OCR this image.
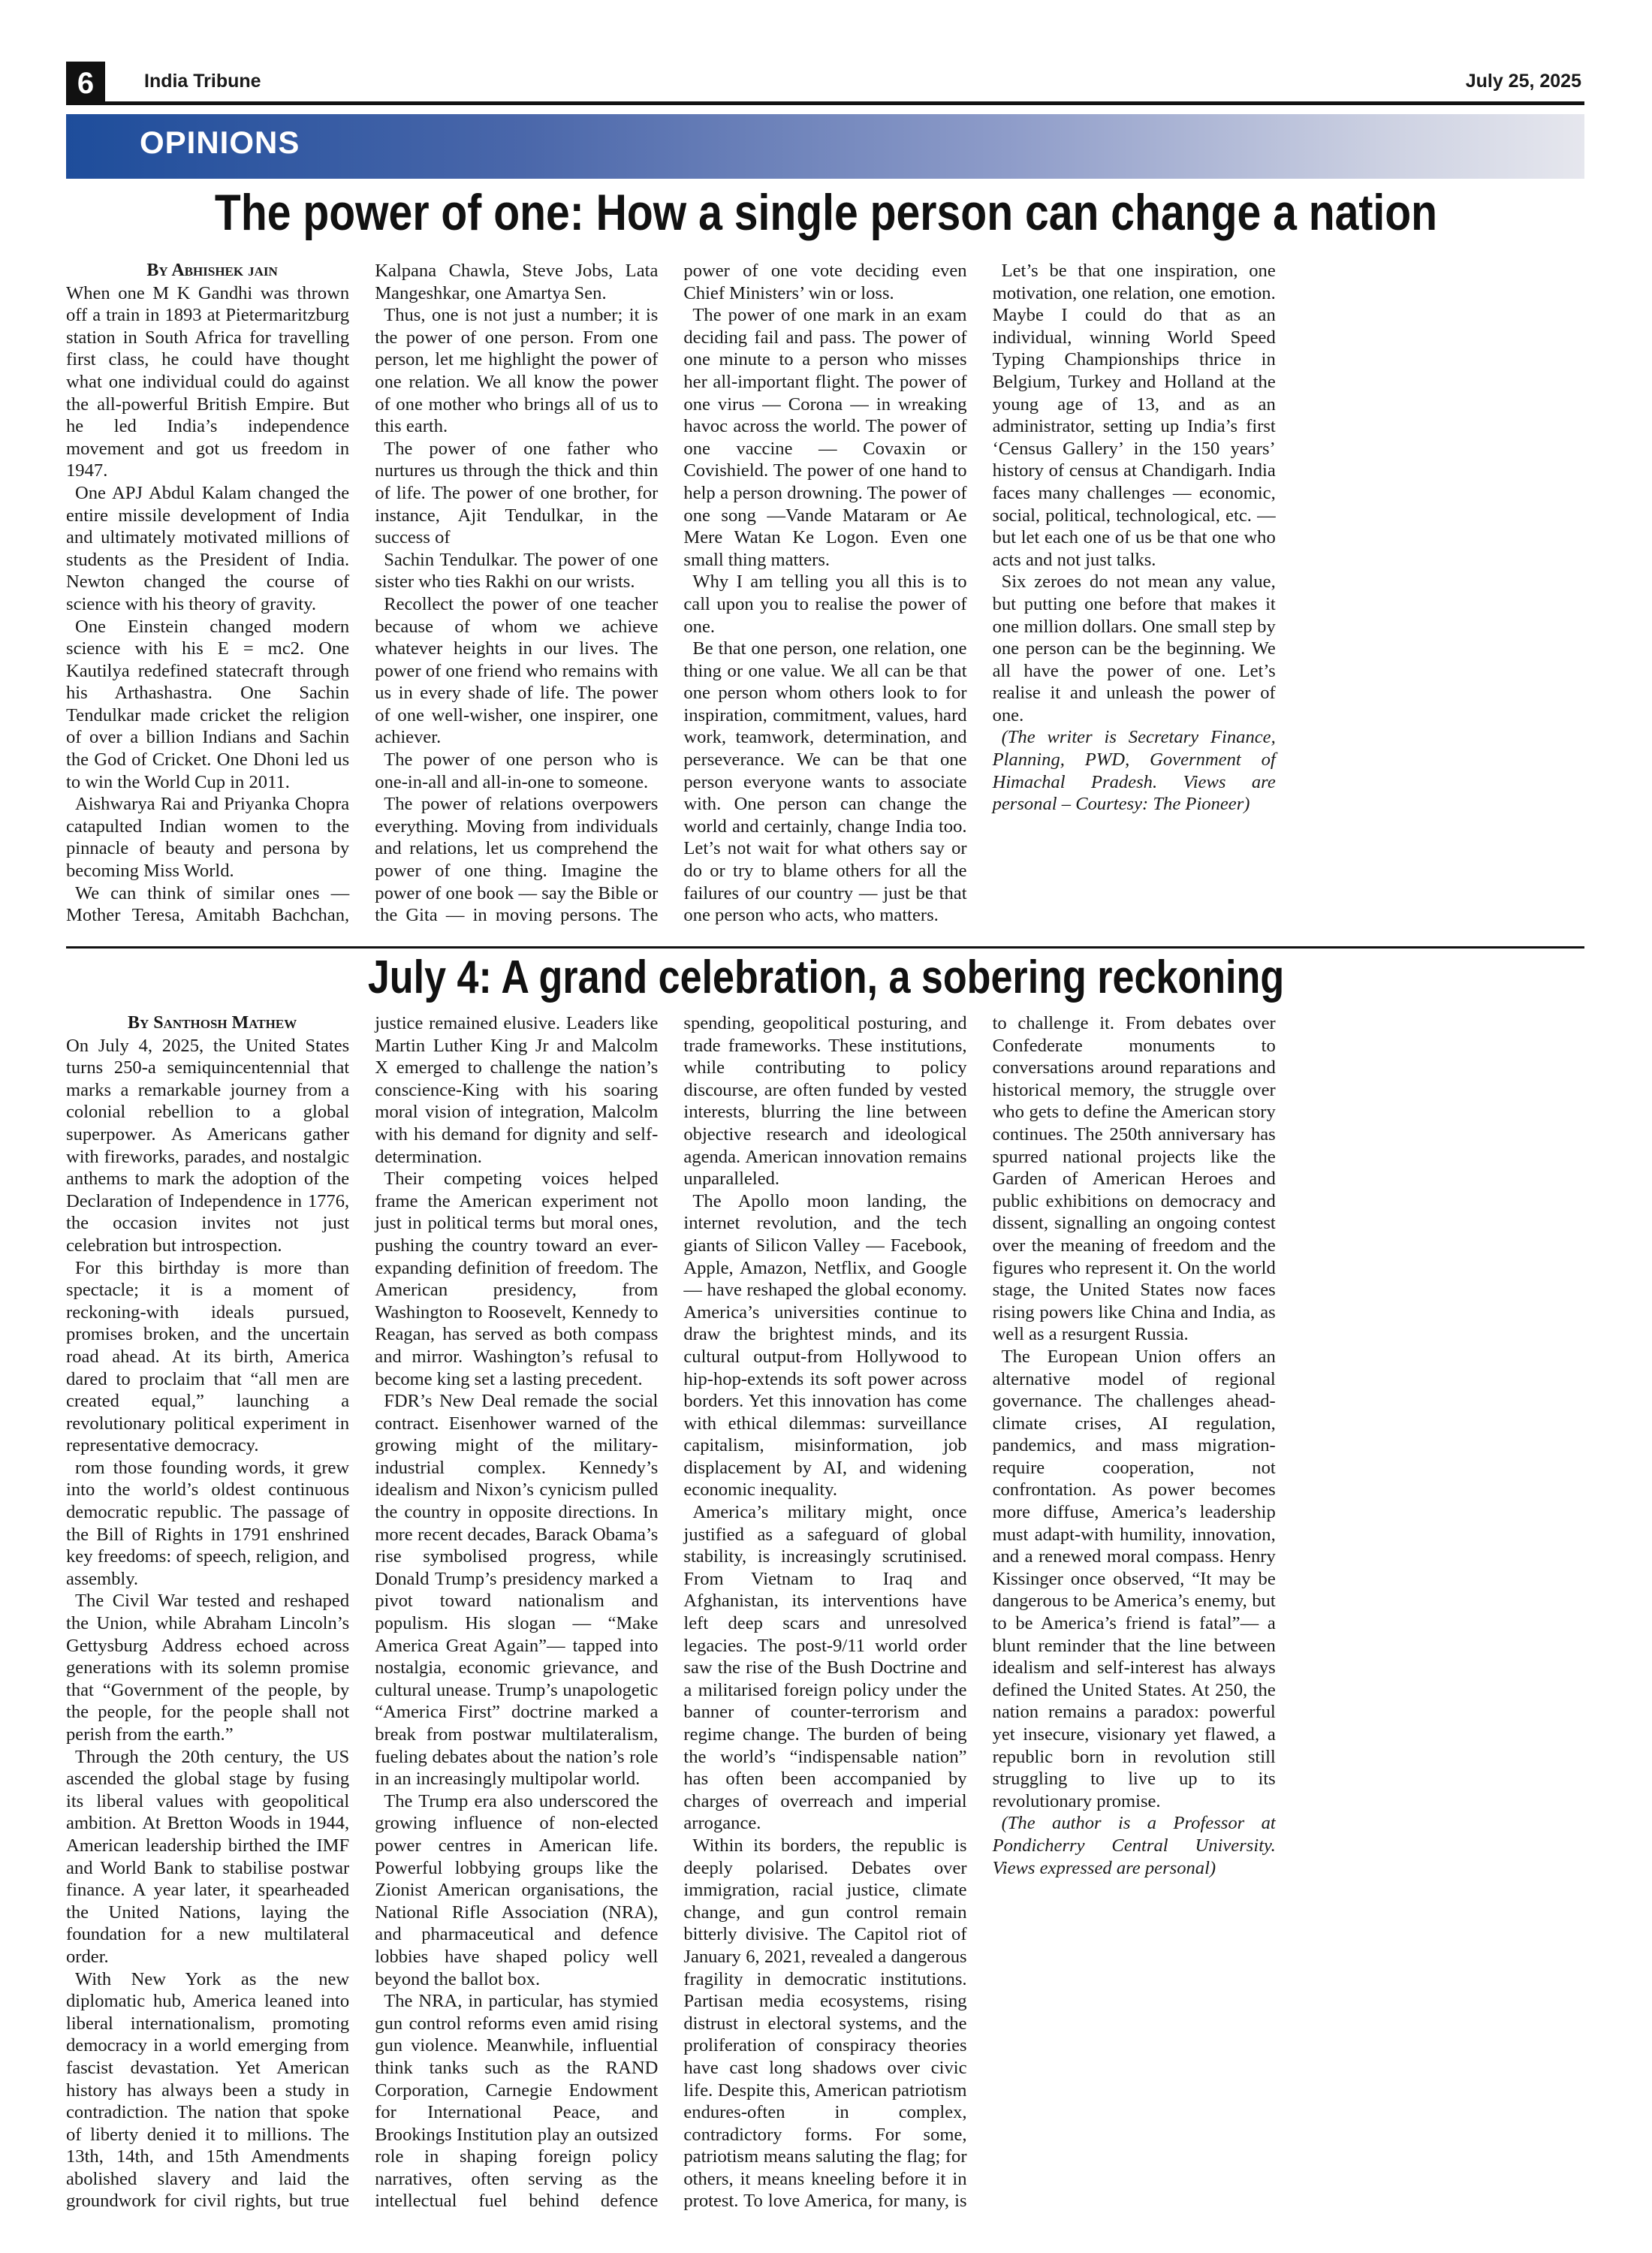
6	India Tribune	July 25, 2025
OPINIONS
The power of one: How a single person can change a nation

By Abhishek jain

When one M K Gandhi was thrown off a train in 1893 at Pietermaritzburg station in South Africa for travelling first class, he could have thought what one individual could do against the all-powerful British Empire. But he led India’s independence movement and got us freedom in 1947.

One APJ Abdul Kalam changed the entire missile development of India and ultimately motivated millions of students as the President of India. Newton changed the course of science with his theory of gravity.

One Einstein changed modern science with his E = mc2. One Kautilya redefined statecraft through his Arthashastra. One Sachin Tendulkar made cricket the religion of over a billion Indians and Sachin the God of Cricket. One Dhoni led us to win the World Cup in 2011.

Aishwarya Rai and Priyanka Chopra catapulted Indian women to the pinnacle of beauty and persona by becoming Miss World.

We can think of similar ones — Mother Teresa, Amitabh Bachchan, Kalpana Chawla, Steve Jobs, Lata Mangeshkar, one Amartya Sen.

Thus, one is not just a number; it is the power of one person. From one person, let me highlight the power of one relation. We all know the power of one mother who brings all of us to this earth.

The power of one father who nurtures us through the thick and thin of life. The power of one brother, for instance, Ajit Tendulkar, in the success of

Sachin Tendulkar. The power of one sister who ties Rakhi on our wrists.

Recollect the power of one teacher because of whom we achieve whatever heights in our lives. The power of one friend who remains with us in every shade of life. The power of one well-wisher, one inspirer, one achiever.

The power of one person who is one-in-all and all-in-one to someone.

The power of relations overpowers everything. Moving from individuals and relations, let us comprehend the power of one thing. Imagine the power of one book — say the Bible or the Gita — in moving persons. The power of one vote deciding even Chief Ministers’ win or loss.

The power of one mark in an exam deciding fail and pass. The power of one minute to a person who misses her all-important flight. The power of one virus — Corona — in wreaking havoc across the world. The power of one vaccine — Covaxin or Covishield. The power of one hand to help a person drowning. The power of one song —Vande Mataram or Ae Mere Watan Ke Logon. Even one small thing matters.

Why I am telling you all this is to call upon you to realise the power of one.

Be that one person, one relation, one thing or one value. We all can be that one person whom others look to for inspiration, commitment, values, hard work, teamwork, determination, and perseverance. We can be that one person everyone wants to associate with. One person can change the world and certainly, change India too. Let’s not wait for what others say or do or try to blame others for all the failures of our country — just be that one person who acts, who matters.

Let’s be that one inspiration, one motivation, one relation, one emotion. Maybe I could do that as an individual, winning World Speed Typing Championships thrice in Belgium, Turkey and Holland at the young age of 13, and as an administrator, setting up India’s first ‘Census Gallery’ in the 150 years’ history of census at Chandigarh. India faces many challenges — economic, social, political, technological, etc. — but let each one of us be that one who acts and not just talks.

Six zeroes do not mean any value, but putting one before that makes it one million dollars. One small step by one person can be the beginning. We all have the power of one. Let’s realise it and unleash the power of one.

(The writer is Secretary Finance, Planning, PWD, Government of Himachal Pradesh. Views are personal – Courtesy: The Pioneer)

July 4: A grand celebration, a sobering reckoning

By Santhosh Mathew

On July 4, 2025, the United States turns 250-a semiquincentennial that marks a remarkable journey from a colonial rebellion to a global superpower. As Americans gather with fireworks, parades, and nostalgic anthems to mark the adoption of the Declaration of Independence in 1776, the occasion invites not just celebration but introspection.

For this birthday is more than spectacle; it is a moment of reckoning-with ideals pursued, promises broken, and the uncertain road ahead. At its birth, America dared to proclaim that “all men are created equal,” launching a revolutionary political experiment in representative democracy.

rom those founding words, it grew into the world’s oldest continuous democratic republic. The passage of the Bill of Rights in 1791 enshrined key freedoms: of speech, religion, and assembly.

The Civil War tested and reshaped the Union, while Abraham Lincoln’s Gettysburg Address echoed across generations with its solemn promise that “Government of the people, by the people, for the people shall not perish from the earth.”

Through the 20th century, the US ascended the global stage by fusing its liberal values with geopolitical ambition. At Bretton Woods in 1944, American leadership birthed the IMF and World Bank to stabilise postwar finance. A year later, it spearheaded the United Nations, laying the foundation for a new multilateral order.

With New York as the new diplomatic hub, America leaned into liberal internationalism, promoting democracy in a world emerging from fascist devastation. Yet American history has always been a study in contradiction. The nation that spoke of liberty denied it to millions. The 13th, 14th, and 15th Amendments abolished slavery and laid the groundwork for civil rights, but true justice remained elusive. Leaders like Martin Luther King Jr and Malcolm X emerged to challenge the nation’s conscience-King with his soaring moral vision of integration, Malcolm with his demand for dignity and self-determination.

Their competing voices helped frame the American experiment not just in political terms but moral ones, pushing the country toward an ever-expanding definition of freedom. The American presidency, from Washington to Roosevelt, Kennedy to Reagan, has served as both compass and mirror. Washington’s refusal to become king set a lasting precedent.

FDR’s New Deal remade the social contract. Eisenhower warned of the growing might of the military-industrial complex. Kennedy’s idealism and Nixon’s cynicism pulled the country in opposite directions. In more recent decades, Barack Obama’s rise symbolised progress, while Donald Trump’s presidency marked a pivot toward nationalism and populism. His slogan — “Make America Great Again”— tapped into nostalgia, economic grievance, and cultural unease. Trump’s unapologetic “America First” doctrine marked a break from postwar multilateralism, fueling debates about the nation’s role in an increasingly multipolar world.

The Trump era also underscored the growing influence of non-elected power centres in American life. Powerful lobbying groups like the Zionist American organisations, the National Rifle Association (NRA), and pharmaceutical and defence lobbies have shaped policy well beyond the ballot box.

The NRA, in particular, has stymied gun control reforms even amid rising gun violence. Meanwhile, influential think tanks such as the RAND Corporation, Carnegie Endowment for International Peace, and Brookings Institution play an outsized role in shaping foreign policy narratives, often serving as the intellectual fuel behind defence spending, geopolitical posturing, and trade frameworks. These institutions, while contributing to policy discourse, are often funded by vested interests, blurring the line between objective research and ideological agenda. American innovation remains unparalleled.

The Apollo moon landing, the internet revolution, and the tech giants of Silicon Valley — Facebook, Apple, Amazon, Netflix, and Google — have reshaped the global economy. America’s universities continue to draw the brightest minds, and its cultural output-from Hollywood to hip-hop-extends its soft power across borders. Yet this innovation has come with ethical dilemmas: surveillance capitalism, misinformation, job displacement by AI, and widening economic inequality.

America’s military might, once justified as a safeguard of global stability, is increasingly scrutinised. From Vietnam to Iraq and Afghanistan, its interventions have left deep scars and unresolved legacies. The post-9/11 world order saw the rise of the Bush Doctrine and a militarised foreign policy under the banner of counter-terrorism and regime change. The burden of being the world’s “indispensable nation” has often been accompanied by charges of overreach and imperial arrogance.

Within its borders, the republic is deeply polarised. Debates over immigration, racial justice, climate change, and gun control remain bitterly divisive. The Capitol riot of January 6, 2021, revealed a dangerous fragility in democratic institutions. Partisan media ecosystems, rising distrust in electoral systems, and the proliferation of conspiracy theories have cast long shadows over civic life. Despite this, American patriotism endures-often in complex, contradictory forms. For some, patriotism means saluting the flag; for others, it means kneeling before it in protest. To love America, for many, is to challenge it. From debates over Confederate monuments to conversations around reparations and historical memory, the struggle over who gets to define the American story continues. The 250th anniversary has spurred national projects like the Garden of American Heroes and public exhibitions on democracy and dissent, signalling an ongoing contest over the meaning of freedom and the figures who represent it. On the world stage, the United States now faces rising powers like China and India, as well as a resurgent Russia.

The European Union offers an alternative model of regional governance. The challenges ahead-climate crises, AI regulation, pandemics, and mass migration-require cooperation, not confrontation. As power becomes more diffuse, America’s leadership must adapt-with humility, innovation, and a renewed moral compass. Henry Kissinger once observed, “It may be dangerous to be America’s enemy, but to be America’s friend is fatal”— a blunt reminder that the line between idealism and self-interest has always defined the United States. At 250, the nation remains a paradox: powerful yet insecure, visionary yet flawed, a republic born in revolution still struggling to live up to its revolutionary promise.

(The author is a Professor at Pondicherry Central University. Views expressed are personal)
